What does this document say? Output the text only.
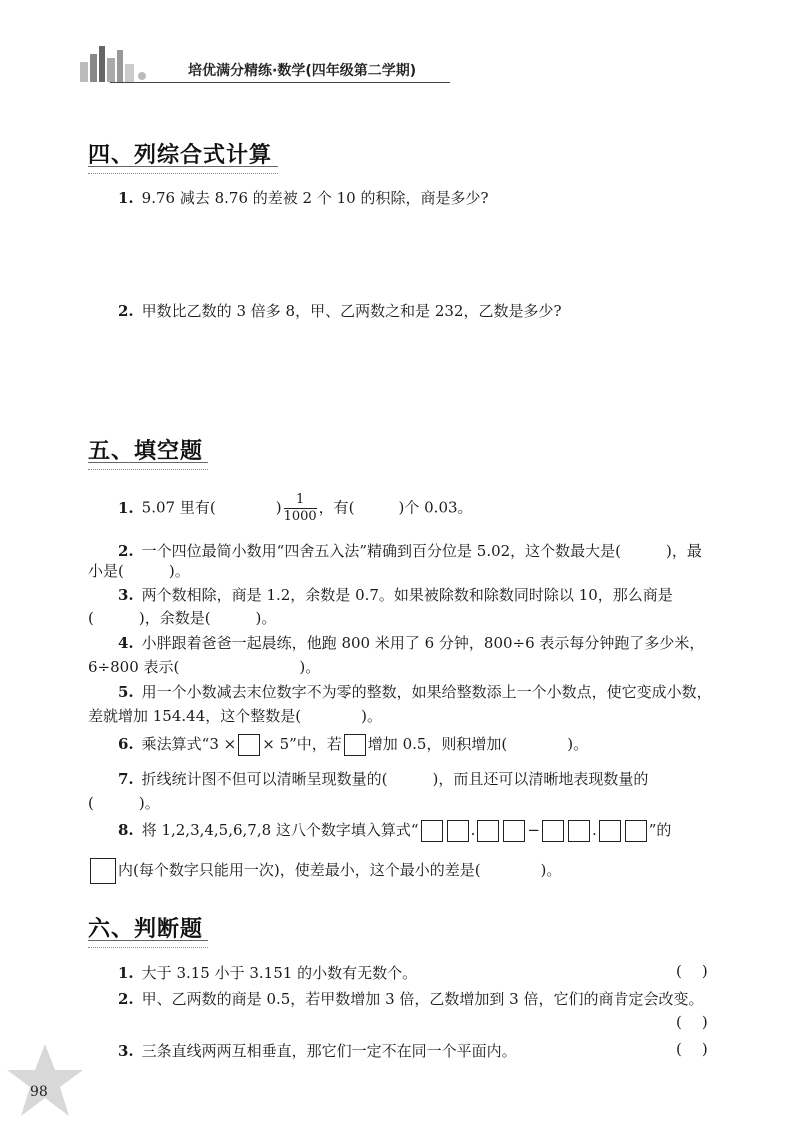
培优满分精练·数学(四年级第二学期)
四、列综合式计算
1. 9.76 减去 8.76 的差被 2 个 10 的积除，商是多少?
2. 甲数比乙数的 3 倍多 8，甲、乙两数之和是 232，乙数是多少?
五、填空题
1. 5.07 里有(	) $\frac{1}{1000}$ ，有(	)个 0.03。
2. 一个四位最简小数用“四舍五入法”精确到百分位是 5.02，这个数最大是(　　　)，最
小是(　　　)。
3. 两个数相除，商是 1.2，余数是 0.7。如果被除数和除数同时除以 10，那么商是
(　　　)，余数是(　　　)。
4. 小胖跟着爸爸一起晨练，他跑 800 米用了 6 分钟，800÷6 表示每分钟跑了多少米，
6÷800 表示(　　　　　　　　)。
5. 用一个小数减去末位数字不为零的整数，如果给整数添上一个小数点，使它变成小数，
差就增加 154.44，这个整数是(　　　　)。
6. 乘法算式“3 × × 5”中，若 增加 0.5，则积增加(　　　　)。
7. 折线统计图不但可以清晰呈现数量的(　　　)，而且还可以清晰地表现数量的
(　　　)。
8. 将 1,2,3,4,5,6,7,8 这八个数字填入算式“	.	−	.	”的
内(每个数字只能用一次)，使差最小，这个最小的差是(　　　　)。
六、判断题
1. 大于 3.15 小于 3.151 的小数有无数个。	()
2. 甲、乙两数的商是 0.5，若甲数增加 3 倍，乙数增加到 3 倍，它们的商肯定会改变。
()
3. 三条直线两两互相垂直，那它们一定不在同一个平面内。	()
98
